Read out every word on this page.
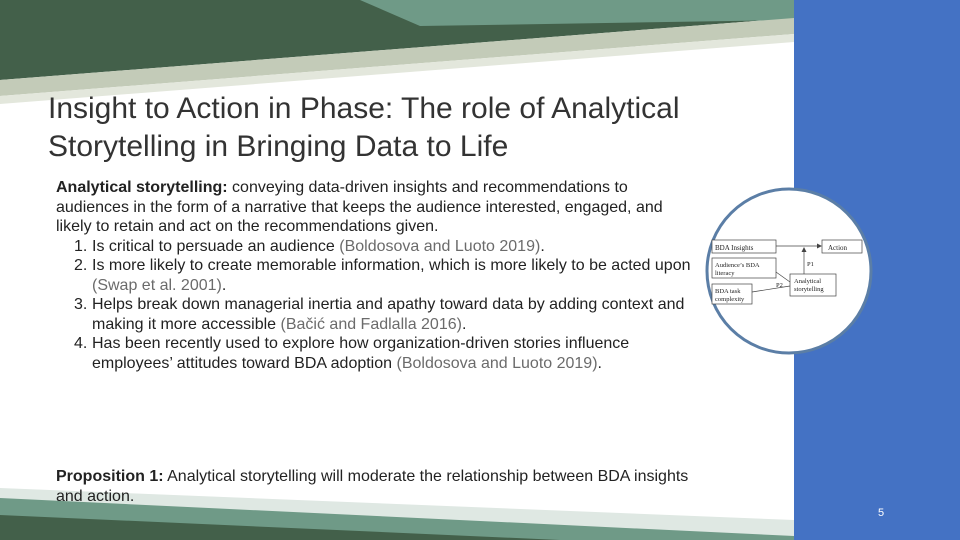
5
Insight to Action in Phase: The role of Analytical Storytelling in Bringing Data to Life

Analytical storytelling: conveying data-driven insights and recommendations to audiences in the form of a narrative that keeps the audience interested, engaged, and likely to retain and act on the recommendations given.

1. Is critical to persuade an audience (Boldosova and Luoto 2019).
2. Is more likely to create memorable information, which is more likely to be acted upon (Swap et al. 2001).
3. Helps break down managerial inertia and apathy toward data by adding context and making it more accessible (Bačić and Fadlalla 2016).
4. Has been recently used to explore how organization-driven stories influence employees’ attitudes toward BDA adoption (Boldosova and Luoto 2019).

Proposition 1: Analytical storytelling will moderate the relationship between BDA insights and action.

BDA Insights	Action
Audience’s BDA
literacy
BDA task
complexity
Analytical
storytelling
P1
P2
